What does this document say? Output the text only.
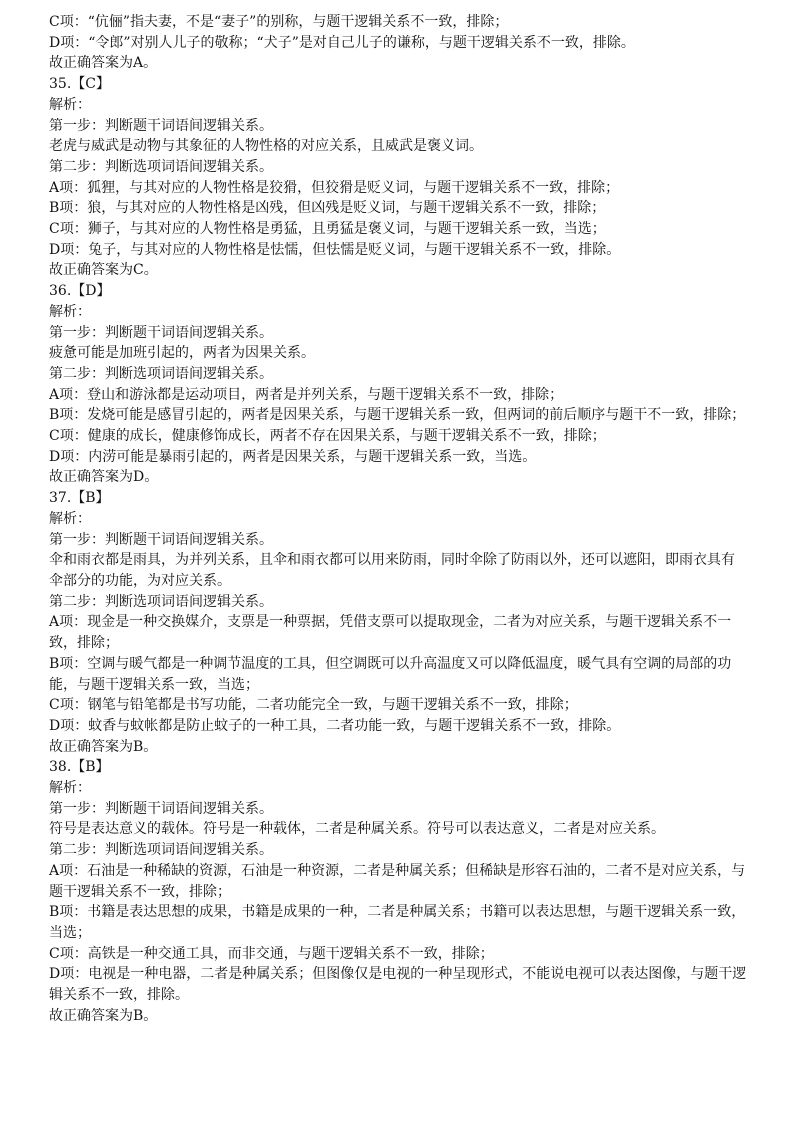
C项：“伉俪”指夫妻，不是“妻子”的别称，与题干逻辑关系不一致，排除；
D项：“令郎”对别人儿子的敬称；“犬子”是对自己儿子的谦称，与题干逻辑关系不一致，排除。
故正确答案为A。
35.【C】
解析：
第一步：判断题干词语间逻辑关系。
老虎与威武是动物与其象征的人物性格的对应关系，且威武是褒义词。
第二步：判断选项词语间逻辑关系。
A项：狐狸，与其对应的人物性格是狡猾，但狡猾是贬义词，与题干逻辑关系不一致，排除；
B项：狼，与其对应的人物性格是凶残，但凶残是贬义词，与题干逻辑关系不一致，排除；
C项：狮子，与其对应的人物性格是勇猛，且勇猛是褒义词，与题干逻辑关系一致，当选；
D项：兔子，与其对应的人物性格是怯懦，但怯懦是贬义词，与题干逻辑关系不一致，排除。
故正确答案为C。
36.【D】
解析：
第一步：判断题干词语间逻辑关系。
疲惫可能是加班引起的，两者为因果关系。
第二步：判断选项词语间逻辑关系。
A项：登山和游泳都是运动项目，两者是并列关系，与题干逻辑关系不一致，排除；
B项：发烧可能是感冒引起的，两者是因果关系，与题干逻辑关系一致，但两词的前后顺序与题干不一致，排除；
C项：健康的成长，健康修饰成长，两者不存在因果关系，与题干逻辑关系不一致，排除；
D项：内涝可能是暴雨引起的，两者是因果关系，与题干逻辑关系一致，当选。
故正确答案为D。
37.【B】
解析：
第一步：判断题干词语间逻辑关系。
伞和雨衣都是雨具，为并列关系，且伞和雨衣都可以用来防雨，同时伞除了防雨以外，还可以遮阳，即雨衣具有
伞部分的功能，为对应关系。
第二步：判断选项词语间逻辑关系。
A项：现金是一种交换媒介，支票是一种票据，凭借支票可以提取现金，二者为对应关系，与题干逻辑关系不一
致，排除；
B项：空调与暖气都是一种调节温度的工具，但空调既可以升高温度又可以降低温度，暖气具有空调的局部的功
能，与题干逻辑关系一致，当选；
C项：钢笔与铅笔都是书写功能，二者功能完全一致，与题干逻辑关系不一致，排除；
D项：蚊香与蚊帐都是防止蚊子的一种工具，二者功能一致，与题干逻辑关系不一致，排除。
故正确答案为B。
38.【B】
解析：
第一步：判断题干词语间逻辑关系。
符号是表达意义的载体。符号是一种载体，二者是种属关系。符号可以表达意义，二者是对应关系。
第二步：判断选项词语间逻辑关系。
A项：石油是一种稀缺的资源，石油是一种资源，二者是种属关系；但稀缺是形容石油的，二者不是对应关系，与
题干逻辑关系不一致，排除；
B项：书籍是表达思想的成果，书籍是成果的一种，二者是种属关系；书籍可以表达思想，与题干逻辑关系一致，
当选；
C项：高铁是一种交通工具，而非交通，与题干逻辑关系不一致，排除；
D项：电视是一种电器，二者是种属关系；但图像仅是电视的一种呈现形式，不能说电视可以表达图像，与题干逻
辑关系不一致，排除。
故正确答案为B。
